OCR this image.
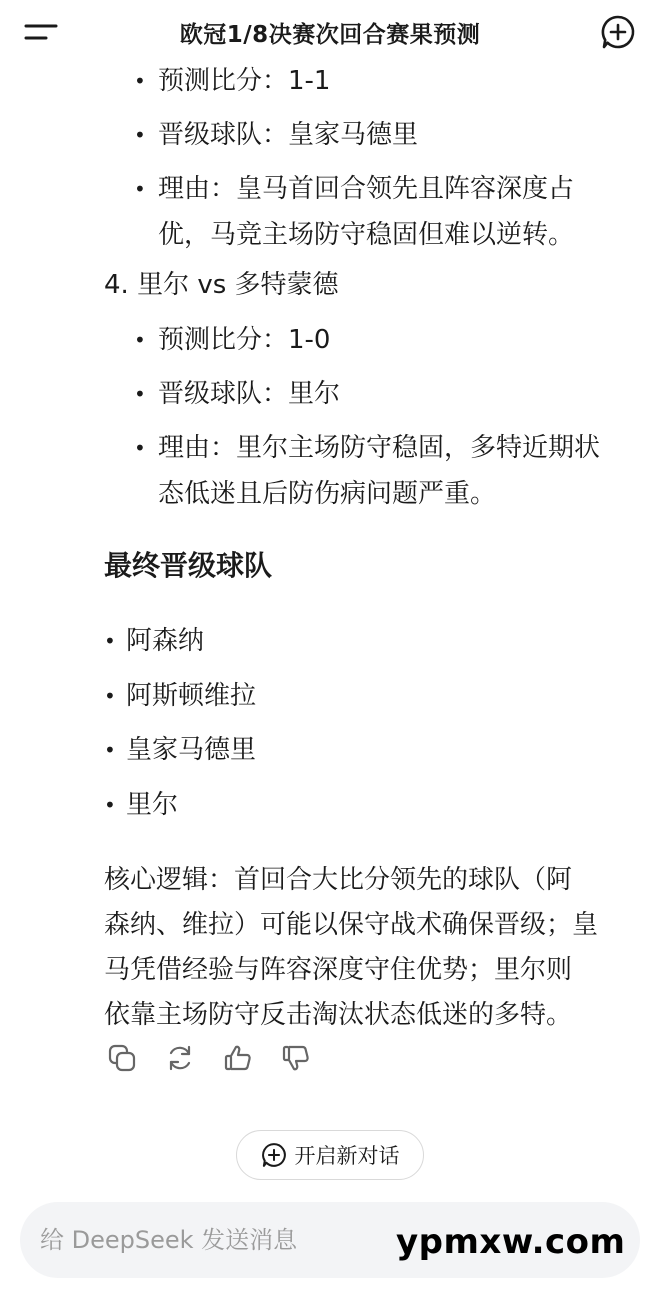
欧冠1/8决赛次回合赛果预测
• 预测比分：1-1
• 晋级球队：皇家马德里
• 理由：皇马首回合领先且阵容深度占
优，马竞主场防守稳固但难以逆转。
4. 里尔 vs 多特蒙德
• 预测比分：1-0
• 晋级球队：里尔
• 理由：里尔主场防守稳固，多特近期状
态低迷且后防伤病问题严重。
最终晋级球队
• 阿森纳
• 阿斯顿维拉
• 皇家马德里
• 里尔
核心逻辑：首回合大比分领先的球队（阿
森纳、维拉）可能以保守战术确保晋级；皇
马凭借经验与阵容深度守住优势；里尔则
依靠主场防守反击淘汰状态低迷的多特。
开启新对话
给 DeepSeek 发送消息
ypmxw.com
